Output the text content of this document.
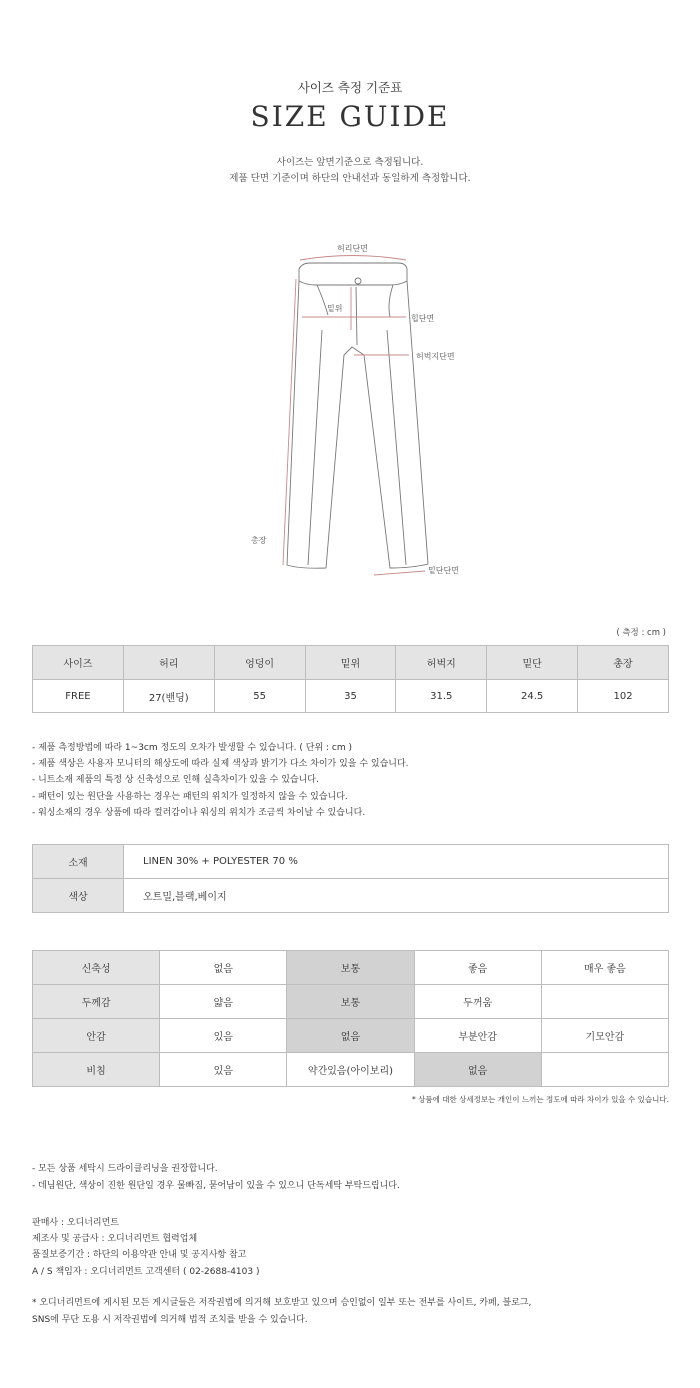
사이즈 측정 기준표
SIZE GUIDE
사이즈는 앞면기준으로 측정됩니다.
제품 단면 기준이며 하단의 안내선과 동일하게 측정합니다.
허리단면
밑위
힙단면
허벅지단면
총장
밑단단면
( 측정 : cm )
사이즈	허리	엉덩이	밑위	허벅지	밑단	총장
FREE	27(밴딩)	55	35	31.5	24.5	102
- 제품 측정방법에 따라 1~3cm 정도의 오차가 발생할 수 있습니다. ( 단위 : cm )
- 제품 색상은 사용자 모니터의 해상도에 따라 실제 색상과 밝기가 다소 차이가 있을 수 있습니다.
- 니트소재 제품의 특정 상 신축성으로 인해 실측차이가 있을 수 있습니다.
- 패턴이 있는 원단을 사용하는 경우는 패턴의 위치가 일정하지 않을 수 있습니다.
- 워싱소재의 경우 상품에 따라 컬러감이나 워싱의 위치가 조금씩 차이날 수 있습니다.
소재	LINEN 30% + POLYESTER 70 %
색상	오트밀,블랙,베이지
신축성	없음	보통	좋음	매우 좋음
두께감	얇음	보통	두꺼움	
안감	있음	없음	부분안감	기모안감
비침	있음	약간있음(아이보리)	없음	
* 상품에 대한 상세정보는 개인이 느끼는 정도에 따라 차이가 있을 수 있습니다.
- 모든 상품 세탁시 드라이클리닝을 권장합니다.
- 데님원단, 색상이 진한 원단일 경우 물빠짐, 묻어남이 있을 수 있으니 단독세탁 부탁드립니다.
판매사 : 오디너리먼트
제조사 및 공급사 : 오디너리먼트 협력업체
품질보증기간 : 하단의 이용약관 안내 및 공지사항 참고
A / S 책임자 : 오디너리먼트 고객센터 ( 02-2688-4103 )
* 오디너리먼트에 게시된 모든 게시글들은 저작권법에 의거해 보호받고 있으며 승인없이 일부 또는 전부를 사이트, 카페, 블로그,
SNS에 무단 도용 시 저작권법에 의거해 법적 조치를 받을 수 있습니다.
